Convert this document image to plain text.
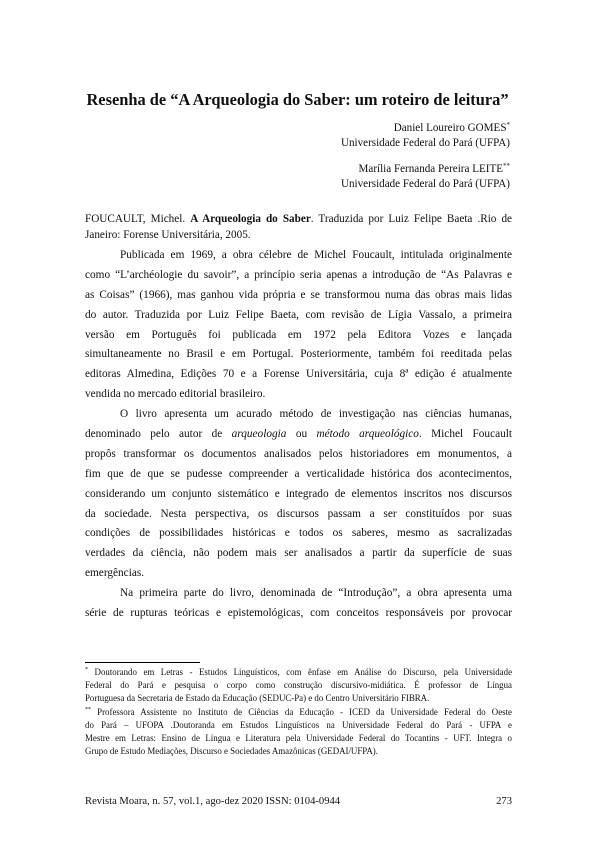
Resenha de “A Arqueologia do Saber: um roteiro de leitura”
Daniel Loureiro GOMES*
Universidade Federal do Pará (UFPA)
Marília Fernanda Pereira LEITE**
Universidade Federal do Pará (UFPA)
FOUCAULT, Michel. A Arqueologia do Saber. Traduzida por Luiz Felipe Baeta .Rio de Janeiro: Forense Universitária, 2005.
Publicada em 1969, a obra célebre de Michel Foucault, intitulada originalmente
como “L’archéologie du savoir”, a princípio seria apenas a introdução de “As Palavras e
as Coisas” (1966), mas ganhou vida própria e se transformou numa das obras mais lidas
do autor. Traduzida por Luiz Felipe Baeta, com revisão de Lígia Vassalo, a primeira
versão em Português foi publicada em 1972 pela Editora Vozes e lançada
simultaneamente no Brasil e em Portugal. Posteriormente, também foi reeditada pelas
editoras Almedina, Edições 70 e a Forense Universitária, cuja 8ª edição é atualmente
vendida no mercado editorial brasileiro.
O livro apresenta um acurado método de investigação nas ciências humanas,
denominado pelo autor de arqueologia ou método arqueológico. Michel Foucault
propôs transformar os documentos analisados pelos historiadores em monumentos, a
fim que de que se pudesse compreender a verticalidade histórica dos acontecimentos,
considerando um conjunto sistemático e integrado de elementos inscritos nos discursos
da sociedade. Nesta perspectiva, os discursos passam a ser constituídos por suas
condições de possibilidades históricas e todos os saberes, mesmo as sacralizadas
verdades da ciência, não podem mais ser analisados a partir da superfície de suas
emergências.
Na primeira parte do livro, denominada de “Introdução”, a obra apresenta uma
série de rupturas teóricas e epistemológicas, com conceitos responsáveis por provocar
* Doutorando em Letras - Estudos Linguísticos, com ênfase em Análise do Discurso, pela Universidade
Federal do Pará e pesquisa o corpo como construção discursivo-midiática. É professor de Língua
Portuguesa da Secretaria de Estado da Educação (SEDUC-Pa) e do Centro Universitário FIBRA.
** Professora Assistente no Instituto de Ciências da Educação - ICED da Universidade Federal do Oeste
do Pará – UFOPA .Doutoranda em Estudos Linguísticos na Universidade Federal do Pará - UFPA e
Mestre em Letras: Ensino de Língua e Literatura pela Universidade Federal do Tocantins - UFT. Integra o
Grupo de Estudo Mediações, Discurso e Sociedades Amazônicas (GEDAI/UFPA).
Revista Moara, n. 57, vol.1, ago-dez 2020 ISSN: 0104-0944	273
